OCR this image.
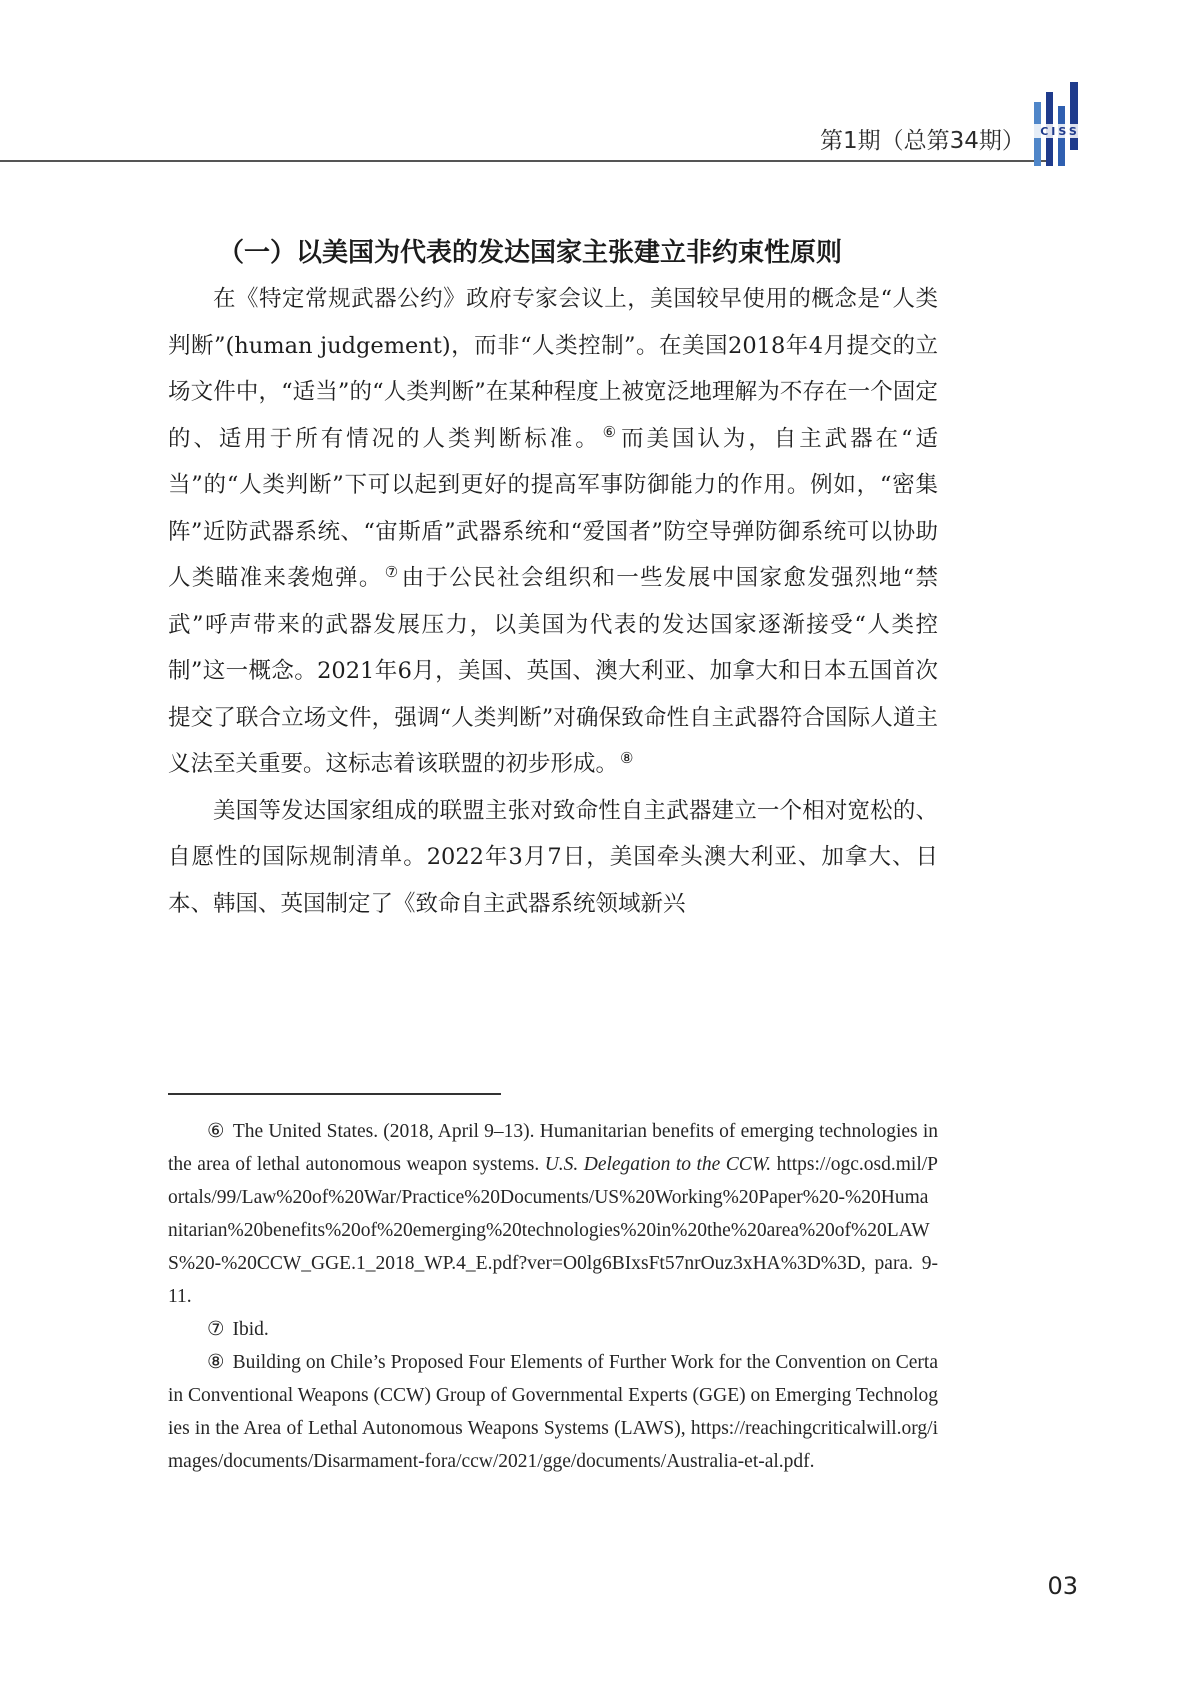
第1期（总第34期） CISS
（一）以美国为代表的发达国家主张建立非约束性原则

在《特定常规武器公约》政府专家会议上，美国较早使用的概念是“人类判断”(human judgement)，而非“人类控制”。在美国2018年4月提交的立场文件中，“适当”的“人类判断”在某种程度上被宽泛地理解为不存在一个固定的、适用于所有情况的人类判断标准。 ⑥而美国认为，自主武器在“适当”的“人类判断”下可以起到更好的提高军事防御能力的作用。例如，“密集阵”近防武器系统、“宙斯盾”武器系统和“爱国者”防空导弹防御系统可以协助人类瞄准来袭炮弹。 ⑦由于公民社会组织和一些发展中国家愈发强烈地“禁武”呼声带来的武器发展压力，以美国为代表的发达国家逐渐接受“人类控制”这一概念。2021年6月，美国、英国、澳大利亚、加拿大和日本五国首次提交了联合立场文件，强调“人类判断”对确保致命性自主武器符合国际人道主义法至关重要。这标志着该联盟的初步形成。 ⑧

美国等发达国家组成的联盟主张对致命性自主武器建立一个相对宽松的、自愿性的国际规制清单。2022年3月7日，美国牵头澳大利亚、加拿大、日本、韩国、英国制定了《致命自主武器系统领域新兴

⑥ The United States. (2018, April 9–13). Humanitarian benefits of emerging technologies in the area of lethal autonomous weapon systems. U.S. Delegation to the CCW. https://ogc.osd.mil/Portals/99/Law%20of%20War/Practice%20Documents/US%20Working%20Paper%20-%20Humanitarian%20benefits%20of%20emerging%20technologies%20in%20the%20area%20of%20LAWS%20-%20CCW_GGE.1_2018_WP.4_E.pdf?ver=O0lg6BIxsFt57nrOuz3xHA%3D%3D, para. 9-11.

⑦ Ibid.

⑧ Building on Chile’s Proposed Four Elements of Further Work for the Convention on Certain Conventional Weapons (CCW) Group of Governmental Experts (GGE) on Emerging Technologies in the Area of Lethal Autonomous Weapons Systems (LAWS), https://reachingcriticalwill.org/images/documents/Disarmament-fora/ccw/2021/gge/documents/Australia-et-al.pdf.

03
